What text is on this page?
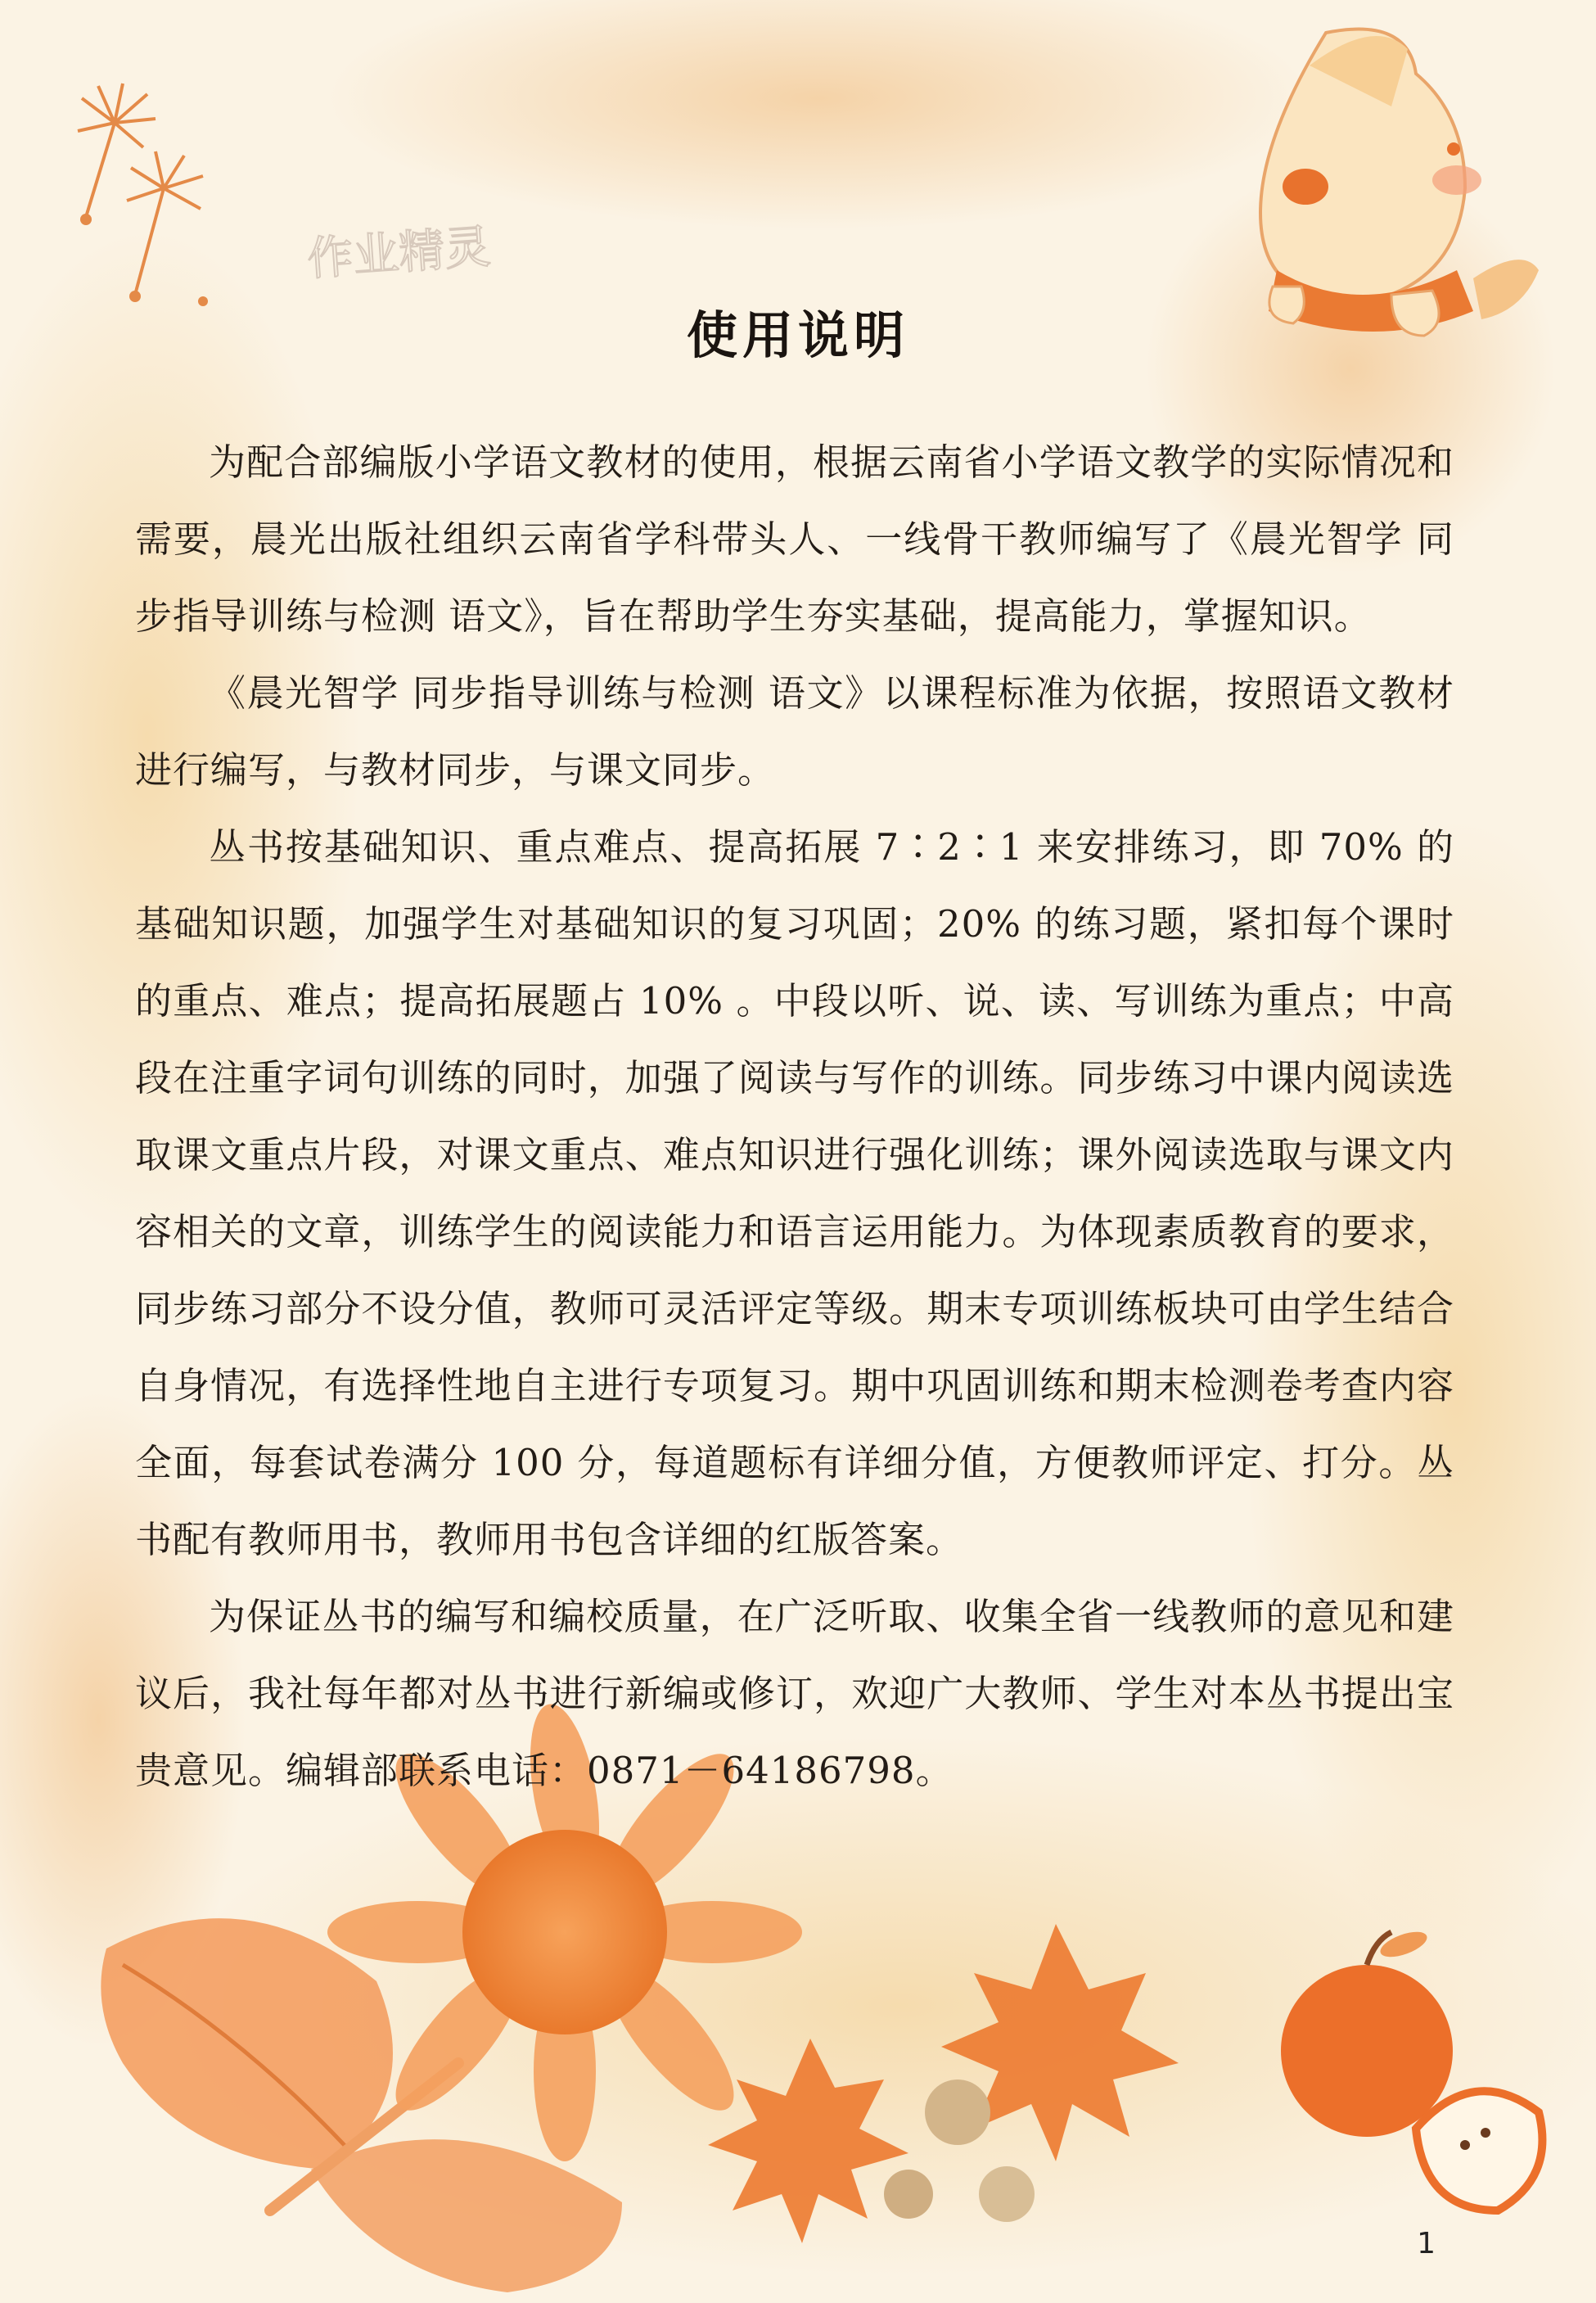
作业精灵
使用说明

为配合部编版小学语文教材的使用，根据云南省小学语文教学的实际情况和需要，晨光出版社组织云南省学科带头人、一线骨干教师编写了《晨光智学 同步指导训练与检测 语文》，旨在帮助学生夯实基础，提高能力，掌握知识。

《晨光智学 同步指导训练与检测 语文》以课程标准为依据，按照语文教材进行编写，与教材同步，与课文同步。

丛书按基础知识、重点难点、提高拓展 7∶2∶1 来安排练习，即 70% 的基础知识题，加强学生对基础知识的复习巩固；20% 的练习题，紧扣每个课时的重点、难点；提高拓展题占 10% 。中段以听、说、读、写训练为重点；中高段在注重字词句训练的同时，加强了阅读与写作的训练。同步练习中课内阅读选取课文重点片段，对课文重点、难点知识进行强化训练；课外阅读选取与课文内容相关的文章，训练学生的阅读能力和语言运用能力。为体现素质教育的要求，同步练习部分不设分值，教师可灵活评定等级。期末专项训练板块可由学生结合自身情况，有选择性地自主进行专项复习。期中巩固训练和期末检测卷考查内容全面，每套试卷满分 100 分，每道题标有详细分值，方便教师评定、打分。丛书配有教师用书，教师用书包含详细的红版答案。

为保证丛书的编写和编校质量，在广泛听取、收集全省一线教师的意见和建议后，我社每年都对丛书进行新编或修订，欢迎广大教师、学生对本丛书提出宝贵意见。编辑部联系电话：0871－64186798。

1
